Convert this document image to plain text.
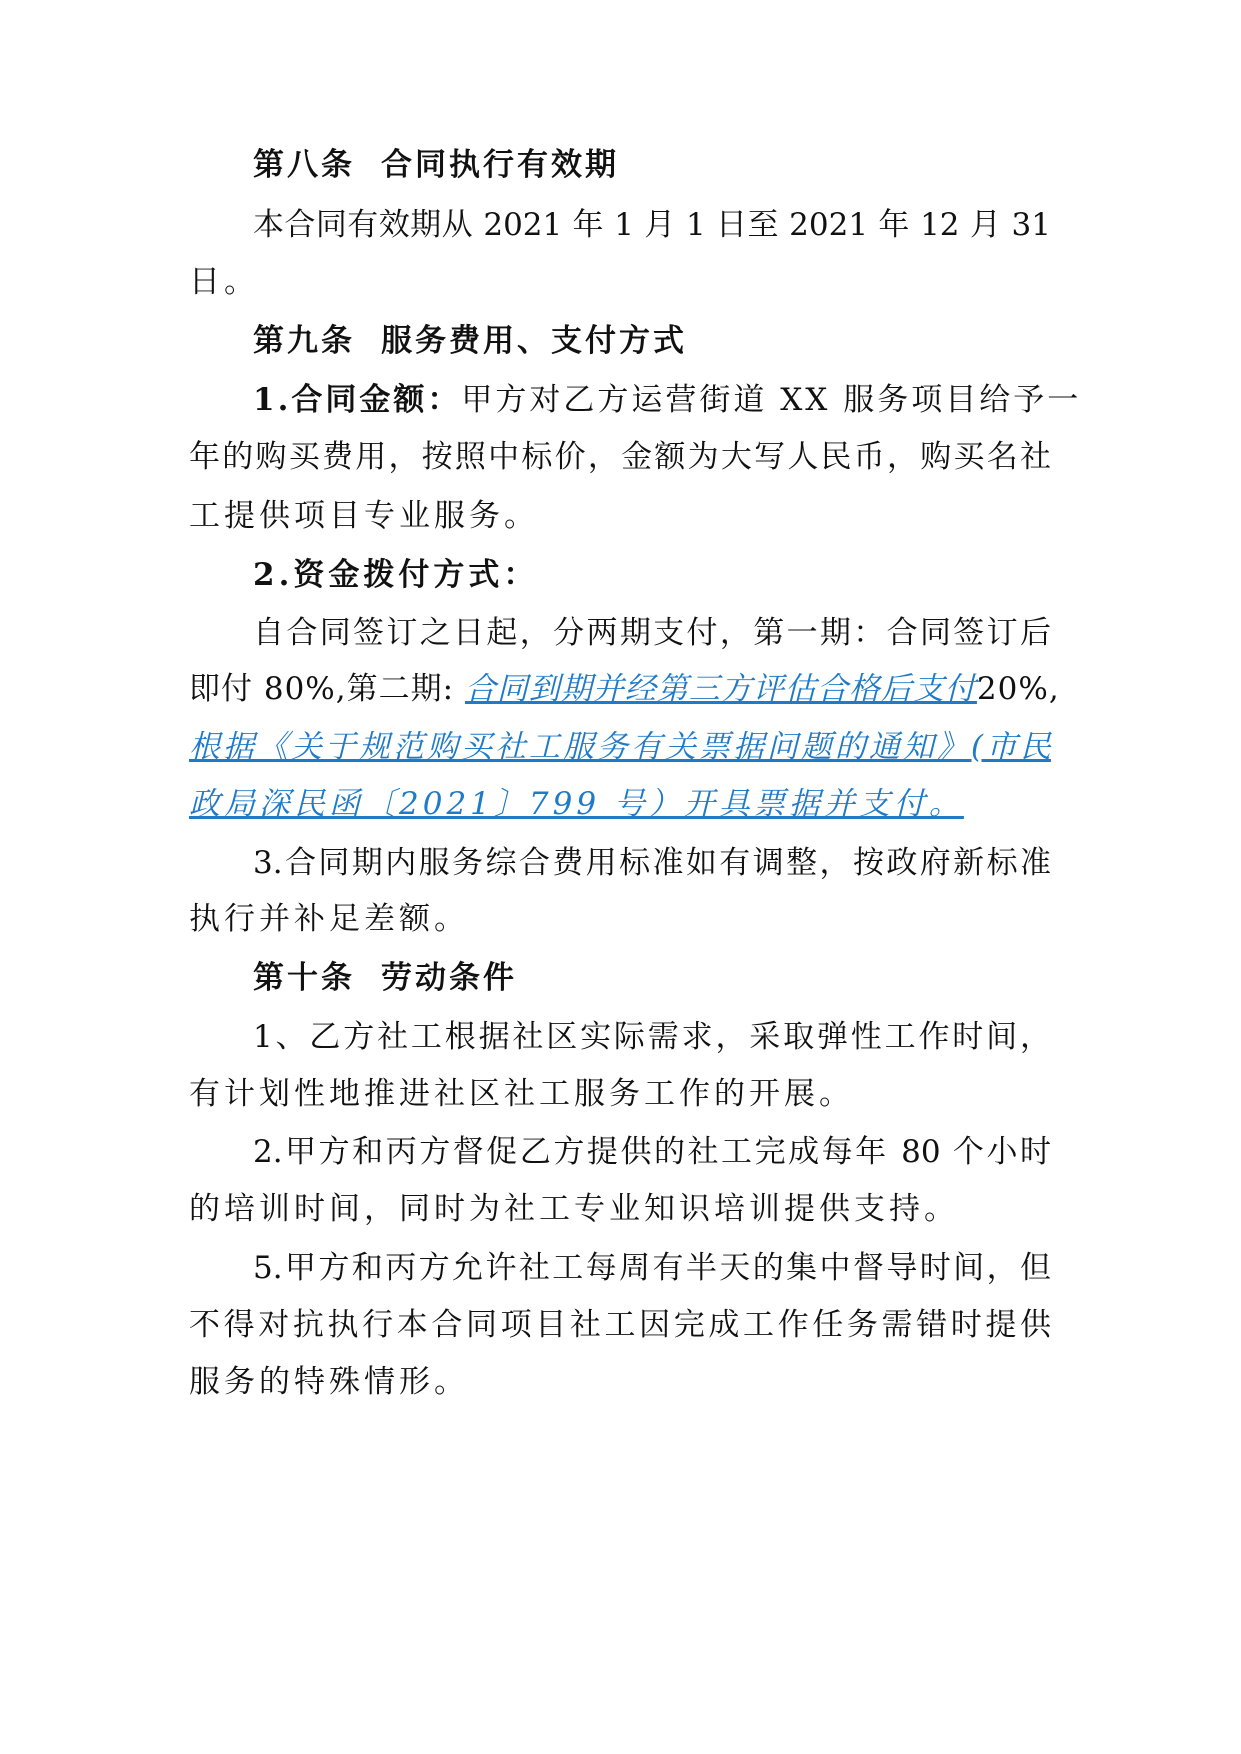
第八条 合同执行有效期
本合同有效期从 2021 年 1 月 1 日至 2021 年 12 月 31
日。
第九条 服务费用、支付方式
1.合同金额：甲方对乙方运营街道 XX 服务项目给予一
年的购买费用，按照中标价，金额为大写人民币，购买名社
工提供项目专业服务。
2.资金拨付方式：
自合同签订之日起，分两期支付，第一期：合同签订后
即付 80%,第二期: 合同到期并经第三方评估合格后支付20%,
根据《关于规范购买社工服务有关票据问题的通知》(市民
政局深民函〔2021〕799 号）开具票据并支付。
3.合同期内服务综合费用标准如有调整，按政府新标准
执行并补足差额。
第十条 劳动条件
1、乙方社工根据社区实际需求，采取弹性工作时间，
有计划性地推进社区社工服务工作的开展。
2.甲方和丙方督促乙方提供的社工完成每年 80 个小时
的培训时间，同时为社工专业知识培训提供支持。
5.甲方和丙方允许社工每周有半天的集中督导时间，但
不得对抗执行本合同项目社工因完成工作任务需错时提供
服务的特殊情形。
